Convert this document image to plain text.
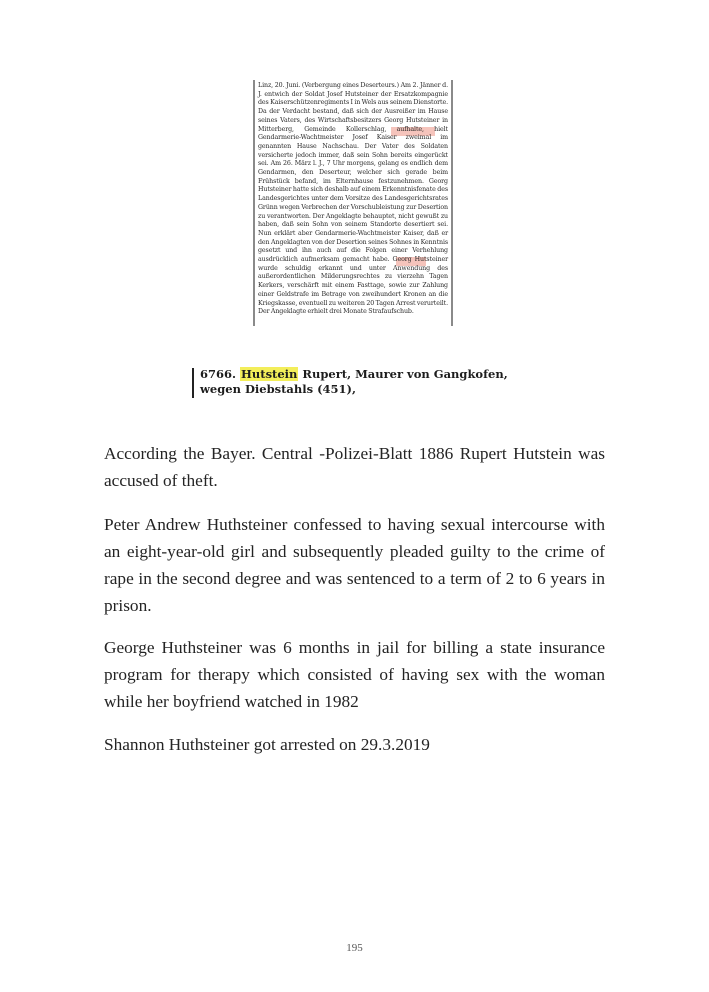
Linz, 20. Juni. (Verbergung eines Deserteurs.) Am 2. Jänner d. J. entwich der Soldat Josef Hutsteiner der Ersatzkompagnie des Kaiserschützenregiments I in Wels aus seinem Dienstorte. Da der Verdacht bestand, daß sich der Ausreißer im Hause seines Vaters, des Wirtschaftsbesitzers Georg Hutsteiner in Mitterberg, Gemeinde Kollerschlag, aufhalte, hielt Gendarmerie-Wachtmeister Josef Kaiser zweimal im genannten Hause Nachschau. Der Vater des Soldaten versicherte jedoch immer, daß sein Sohn bereits eingerückt sei. Am 26. März l. J., 7 Uhr morgens, gelang es endlich dem Gendarmen, den Deserteur, welcher sich gerade beim Frühstück befand, im Elternhause festzunehmen. Georg Hutsteiner hatte sich deshalb auf einem Erkenntnisfenate des Landesgerichtes unter dem Vorsitze des Landesgerichtsrates Grünn wegen Verbrechen der Vorschubleistung zur Desertion zu verantworten. Der Angeklagte behauptet, nicht gewußt zu haben, daß sein Sohn von seinem Standorte desertiert sei. Nun erklärt aber Gendarmerie-Wachtmeister Kaiser, daß er den Angeklagten von der Desertion seines Sohnes in Kenntnis gesetzt und ihn auch auf die Folgen einer Verhehlung ausdrücklich aufmerksam gemacht habe. Georg Hutsteiner wurde schuldig erkannt und unter Anwendung des außerordentlichen Milderungsrechtes zu vierzehn Tagen Kerkers, verschärft mit einem Fasttage, sowie zur Zahlung einer Geldstrafe im Betrage von zweihundert Kronen an die Kriegskasse, eventuell zu weiteren 20 Tagen Arrest verurteilt. Der Angeklagte erhielt drei Monate Strafaufschub.
6766. Hutstein Rupert, Maurer von Gangkofen,
wegen Diebstahls (451),

According the Bayer. Central -Polizei-Blatt 1886 Rupert Hutstein was accused of theft.

Peter Andrew Huthsteiner confessed to having sexual intercourse with an eight-year-old girl and subsequently pleaded guilty to the crime of rape in the second degree and was sentenced to a term of 2 to 6 years in prison.

George Huthsteiner was 6 months in jail for billing a state insurance program for therapy which consisted of having sex with the woman while her boyfriend watched in 1982

Shannon Huthsteiner got arrested on 29.3.2019

195
